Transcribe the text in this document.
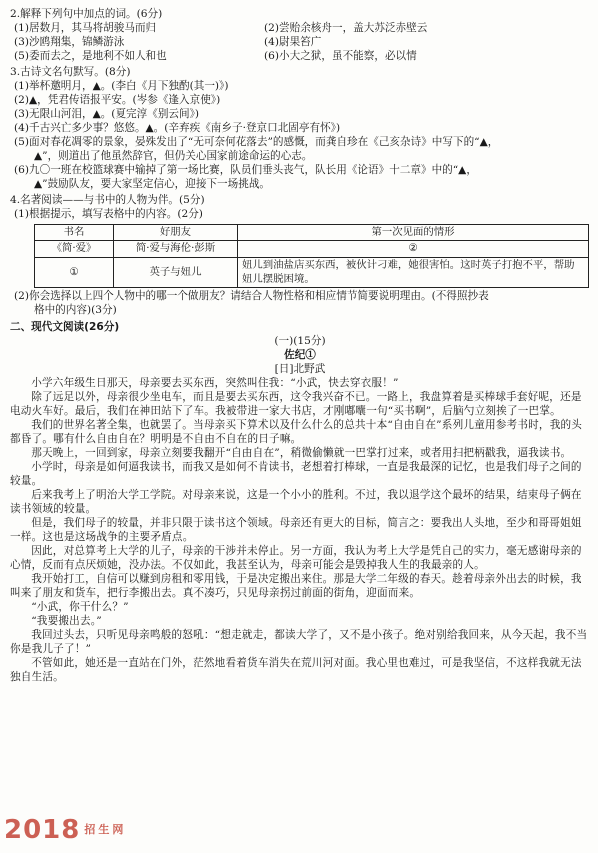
2.解释下列句中加点的词。(6分)
(1)居数月，其马将胡骏马而归	(2)尝贻余核舟一，盖大苏泛赤壁云
(3)沙鸥翔集，锦鳞游泳	(4)尉果笞广
(5)委而去之，是地利不如人和也	(6)小大之狱，虽不能察，必以情
3.古诗文名句默写。(8分)
(1)举杯邀明月，▲。(李白《月下独酌(其一)》)
(2)▲，凭君传语报平安。(岑参《逢入京使》)
(3)无限山河泪，▲。(夏完淳《别云间》)
(4)千古兴亡多少事？悠悠。▲。(辛弃疾《南乡子·登京口北固亭有怀》)
(5)面对春花凋零的景象，晏殊发出了“无可奈何花落去”的感慨，而龚自珍在《己亥杂诗》中写下的“▲，
▲”，则道出了他虽然辞官，但仍关心国家前途命运的心志。
(6)九〇一班在校篮球赛中输掉了第一场比赛，队员们垂头丧气，队长用《论语》十二章》中的“▲，
▲”鼓励队友，要大家坚定信心，迎接下一场挑战。
4.名著阅读——与书中的人物为伴。(5分)
(1)根据提示，填写表格中的内容。(2分)
书名	好朋友	第一次见面的情形
《简·爱》	简·爱与海伦·彭斯	②
①	英子与妞儿	妞儿到油盐店买东西，被伙计刁难，她很害怕。这时英子打抱不平，帮助妞儿摆脱困境。
(2)你会选择以上四个人物中的哪一个做朋友？请结合人物性格和相应情节简要说明理由。(不得照抄表
格中的内容)(3分)
二、现代文阅读(26分)
(一)(15分)
佐纪①
[日]北野武

小学六年级生日那天，母亲要去买东西，突然叫住我：“小武，快去穿衣服！”

除了远足以外，母亲很少坐电车，而且是要去买东西，这令我兴奋不已。一路上，我盘算着是买棒球手套好呢，还是电动火车好。最后，我们在神田站下了车。我被带进一家大书店，才刚嘟囔一句“买书啊”，后脑勺立刻挨了一巴掌。

我们的世界名著全集，也就罢了。当母亲买下算术以及什么什么的总共十本“自由自在”系列儿童用参考书时，我的头都昏了。哪有什么自由自在？明明是不自由不自在的日子嘛。

那天晚上，一回到家，母亲立刻要我翻开“自由自在”，稍微偷懒就一巴掌打过来，或者用扫把柄戳我，逼我读书。

小学时，母亲是如何逼我读书，而我又是如何不肯读书，老想着打棒球，一直是我最深的记忆，也是我们母子之间的较量。

后来我考上了明治大学工学院。对母亲来说，这是一个小小的胜利。不过，我以退学这个最坏的结果，结束母子俩在读书领域的较量。

但是，我们母子的较量，并非只限于读书这个领域。母亲还有更大的目标，简言之：要我出人头地，至少和哥哥姐姐一样。这也是这场战争的主要矛盾点。

因此，对总算考上大学的儿子，母亲的干涉并未停止。另一方面，我认为考上大学是凭自己的实力，毫无感谢母亲的心情，反而有点厌烦她，没办法。不仅如此，我甚至认为，母亲可能会是毁掉我人生的我最亲的人。

我开始打工，自信可以赚到房租和零用钱，于是决定搬出来住。那是大学二年级的春天。趁着母亲外出去的时候，我叫来了朋友和货车，把行李搬出去。真不凑巧，只见母亲拐过前面的街角，迎面而来。

“小武，你干什么？”

“我要搬出去。”

我回过头去，只听见母亲鸣般的怒吼：“想走就走，都读大学了，又不是小孩子。绝对别给我回来，从今天起，我不当你是我儿子了！”

不管如此，她还是一直站在门外，茫然地看着货车消失在荒川河对面。我心里也难过，可是我坚信，不这样我就无法独自生活。

2018 招生网
